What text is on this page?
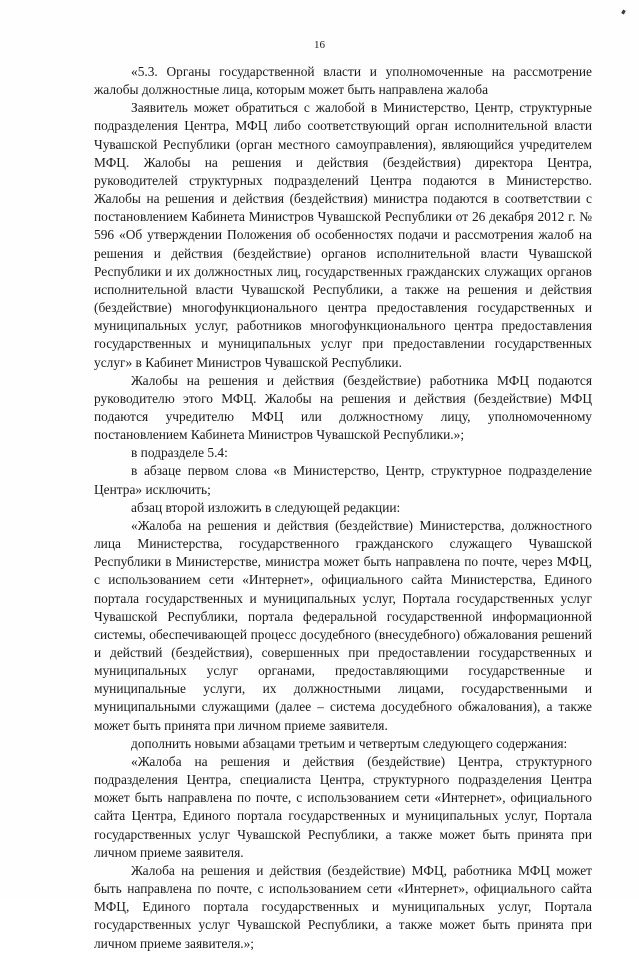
16

«5.3. Органы государственной власти и уполномоченные на рассмотрение жалобы должностные лица, которым может быть направлена жалоба

Заявитель может обратиться с жалобой в Министерство, Центр, структурные подразделения Центра, МФЦ либо соответствующий орган исполнительной власти Чувашской Республики (орган местного самоуправления), являющийся учредителем МФЦ. Жалобы на решения и действия (бездействия) директора Центра, руководителей структурных подразделений Центра подаются в Министерство. Жалобы на решения и действия (бездействия) министра подаются в соответствии с постановлением Кабинета Министров Чувашской Республики от 26 декабря 2012 г. № 596 «Об утверждении Положения об особенностях подачи и рассмотрения жалоб на решения и действия (бездействие) органов исполнительной власти Чувашской Республики и их должностных лиц, государственных гражданских служащих органов исполнительной власти Чувашской Республики, а также на решения и действия (бездействие) многофункционального центра предоставления государственных и муниципальных услуг, работников многофункционального центра предоставления государственных и муниципальных услуг при предоставлении государственных услуг» в Кабинет Министров Чувашской Республики.

Жалобы на решения и действия (бездействие) работника МФЦ подаются руководителю этого МФЦ. Жалобы на решения и действия (бездействие) МФЦ подаются учредителю МФЦ или должностному лицу, уполномоченному постановлением Кабинета Министров Чувашской Республики.»;

в подразделе 5.4:

в абзаце первом слова «в Министерство, Центр, структурное подразделение Центра» исключить;

абзац второй изложить в следующей редакции:

«Жалоба на решения и действия (бездействие) Министерства, должностного лица Министерства, государственного гражданского служащего Чувашской Республики в Министерстве, министра может быть направлена по почте, через МФЦ, с использованием сети «Интернет», официального сайта Министерства, Единого портала государственных и муниципальных услуг, Портала государственных услуг Чувашской Республики, портала федеральной государственной информационной системы, обеспечивающей процесс досудебного (внесудебного) обжалования решений и действий (бездействия), совершенных при предоставлении государственных и муниципальных услуг органами, предоставляющими государственные и муниципальные услуги, их должностными лицами, государственными и муниципальными служащими (далее – система досудебного обжалования), а также может быть принята при личном приеме заявителя.

дополнить новыми абзацами третьим и четвертым следующего содержания:

«Жалоба на решения и действия (бездействие) Центра, структурного подразделения Центра, специалиста Центра, структурного подразделения Центра может быть направлена по почте, с использованием сети «Интернет», официального сайта Центра, Единого портала государственных и муниципальных услуг, Портала государственных услуг Чувашской Республики, а также может быть принята при личном приеме заявителя.

Жалоба на решения и действия (бездействие) МФЦ, работника МФЦ может быть направлена по почте, с использованием сети «Интернет», официального сайта МФЦ, Единого портала государственных и муниципальных услуг, Портала государственных услуг Чувашской Республики, а также может быть принята при личном приеме заявителя.»;
